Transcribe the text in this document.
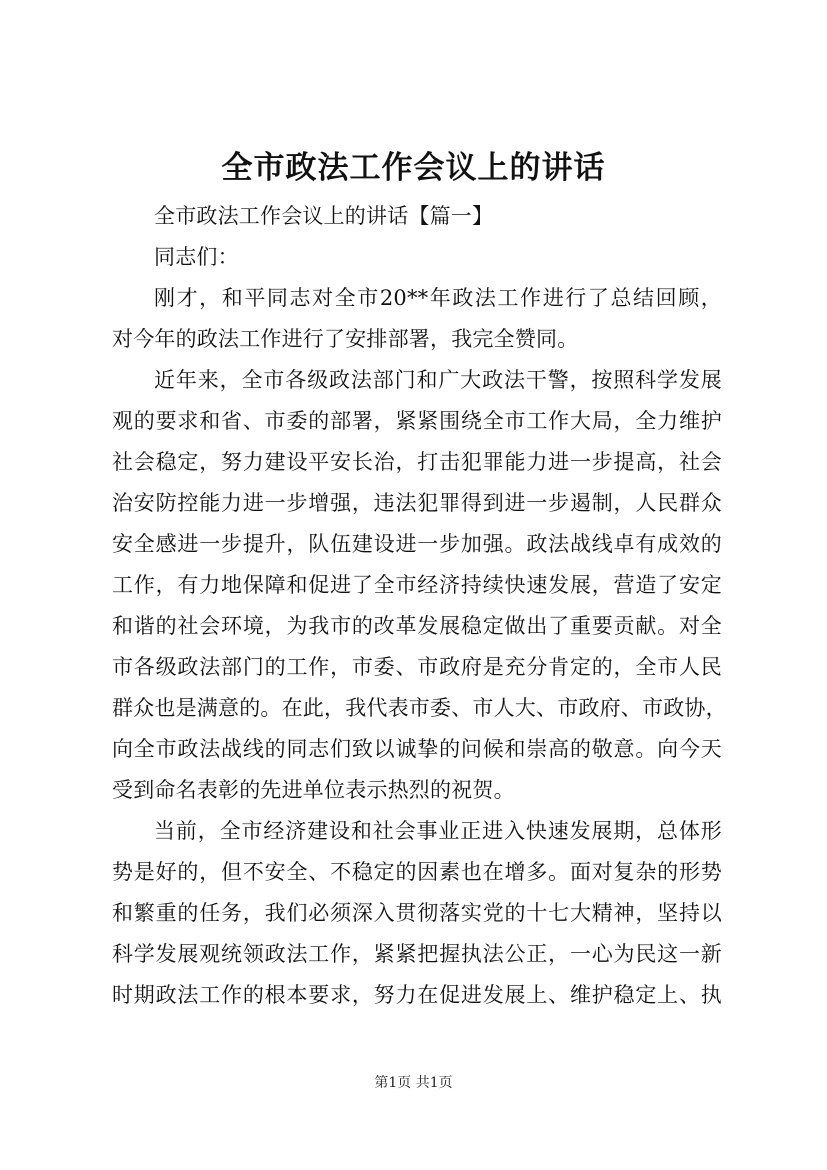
全市政法工作会议上的讲话
全市政法工作会议上的讲话【篇一】
同志们：
刚才，和平同志对全市20**年政法工作进行了总结回顾，
对今年的政法工作进行了安排部署，我完全赞同。
近年来，全市各级政法部门和广大政法干警，按照科学发展
观的要求和省、市委的部署，紧紧围绕全市工作大局，全力维护
社会稳定，努力建设平安长治，打击犯罪能力进一步提高，社会
治安防控能力进一步增强，违法犯罪得到进一步遏制，人民群众
安全感进一步提升，队伍建设进一步加强。政法战线卓有成效的
工作，有力地保障和促进了全市经济持续快速发展，营造了安定
和谐的社会环境，为我市的改革发展稳定做出了重要贡献。对全
市各级政法部门的工作，市委、市政府是充分肯定的，全市人民
群众也是满意的。在此，我代表市委、市人大、市政府、市政协，
向全市政法战线的同志们致以诚挚的问候和崇高的敬意。向今天
受到命名表彰的先进单位表示热烈的祝贺。
当前，全市经济建设和社会事业正进入快速发展期，总体形
势是好的，但不安全、不稳定的因素也在增多。面对复杂的形势
和繁重的任务，我们必须深入贯彻落实党的十七大精神，坚持以
科学发展观统领政法工作，紧紧把握执法公正，一心为民这一新
时期政法工作的根本要求，努力在促进发展上、维护稳定上、执
第1页 共1页
